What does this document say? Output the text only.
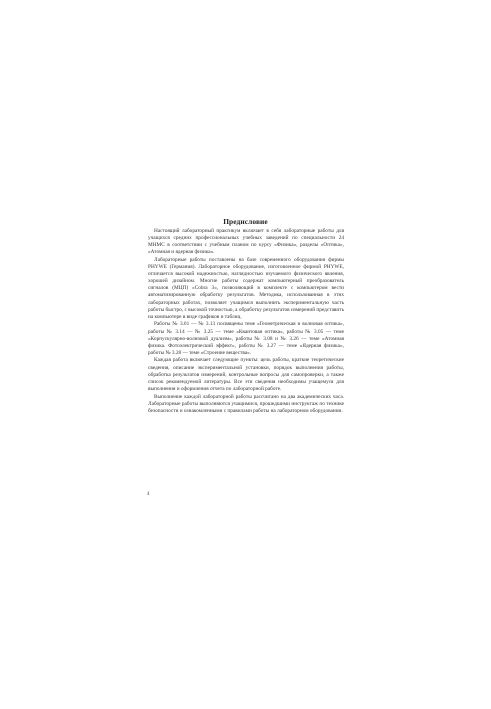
Предисловие

Настоящий лабораторный практикум включает в себя лабораторные работы для учащихся средних профессиональных учебных заведений по специальности 24 МНМС в соответствии с учебным планом по курсу «Физика», разделы «Оптика», «Атомная и ядерная физика».

Лабораторные работы поставлены на базе современного оборудования фирмы PHYWE (Германия). Лабораторное оборудование, изготовленное фирмой PHYWE, отличается высокой надежностью, наглядностью изучаемого физического явления, хорошей дизайном. Многие работы содержат компьютерный преобразователь сигналов (МЦП) «Cobra 3», позволяющий в комплекте с компьютером вести автоматизированную обработку результатов. Методика, использованная в этих лабораторных работах, позволяет учащимся выполнить экспериментальную часть работы быстро, с высокой точностью, а обработку результатов измерений представить на компьютере в виде графиков и таблиц.

Работы № 3.01 — № 3.13 посвящены теме «Геометрическая и волновая оптика», работы № 3.14 — № 3.25 — теме «Квантовая оптика», работы № 3.05 — теме «Корпускулярно-волновой дуализм», работы № 3.08 и № 3.26 — теме «Атомная физика. Фотоэлектрический эффект», работы № 3.27 — теме «Ядерная физика», работы № 3.28 — теме «Строение вещества».

Каждая работа включает следующие пункты: цель работы, краткие теоретические сведения, описание экспериментальной установки, порядок выполнения работы, обработка результатов измерений, контрольные вопросы для самопроверки, а также список рекомендуемой литературы. Все эти сведения необходимы учащемуся для выполнения и оформления отчета по лабораторной работе.

Выполнение каждой лабораторной работы рассчитано на два академических часа. Лабораторные работы выполняются учащимися, прошедшими инструктаж по технике безопасности и ознакомленными с правилами работы на лабораторном оборудовании.

4
